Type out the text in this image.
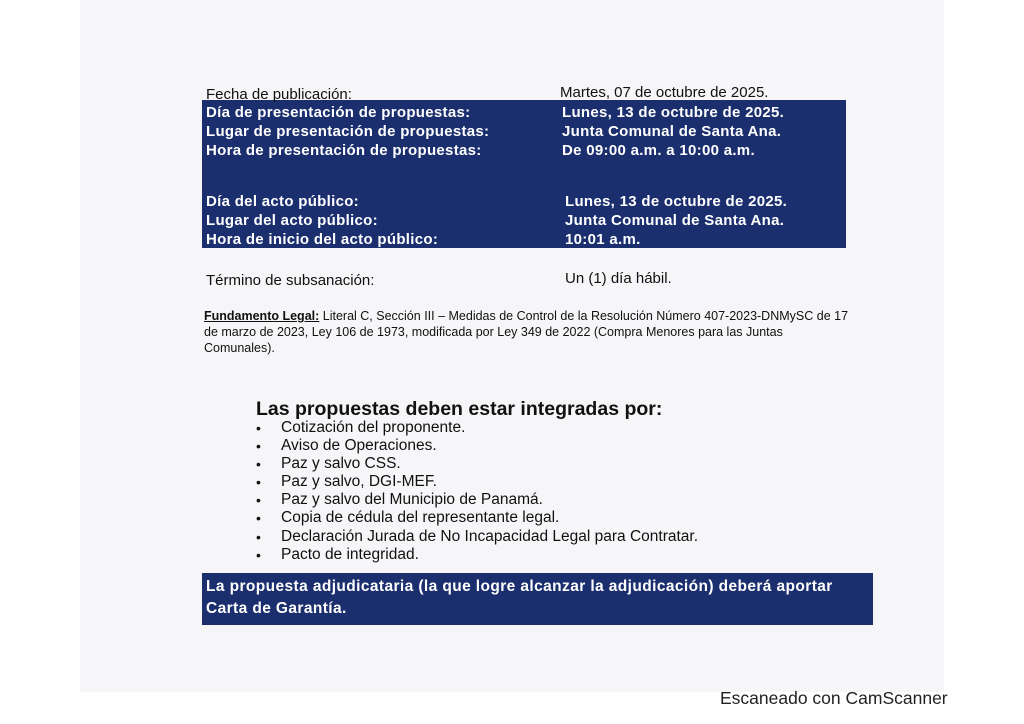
Fecha de publicación:	Martes, 07 de octubre de 2025.
Día de presentación de propuestas:	Lunes, 13 de octubre de 2025.
Lugar de presentación de propuestas:	Junta Comunal de Santa Ana.
Hora de presentación de propuestas:	De 09:00 a.m. a 10:00 a.m.
Día del acto público:	Lunes, 13 de octubre de 2025.
Lugar del acto público:	Junta Comunal de Santa Ana.
Hora de inicio del acto público:	10:01 a.m.
Término de subsanación:	Un (1) día hábil.
Fundamento Legal: Literal C, Sección III – Medidas de Control de la Resolución Número 407-2023-DNMySC de 17 de marzo de 2023, Ley 106 de 1973, modificada por Ley 349 de 2022 (Compra Menores para las Juntas Comunales).
Las propuestas deben estar integradas por:
• Cotización del proponente.
• Aviso de Operaciones.
• Paz y salvo CSS.
• Paz y salvo, DGI-MEF.
• Paz y salvo del Municipio de Panamá.
• Copia de cédula del representante legal.
• Declaración Jurada de No Incapacidad Legal para Contratar.
• Pacto de integridad.
La propuesta adjudicataria (la que logre alcanzar la adjudicación) deberá aportar Carta de Garantía.
Escaneado con CamScanner
